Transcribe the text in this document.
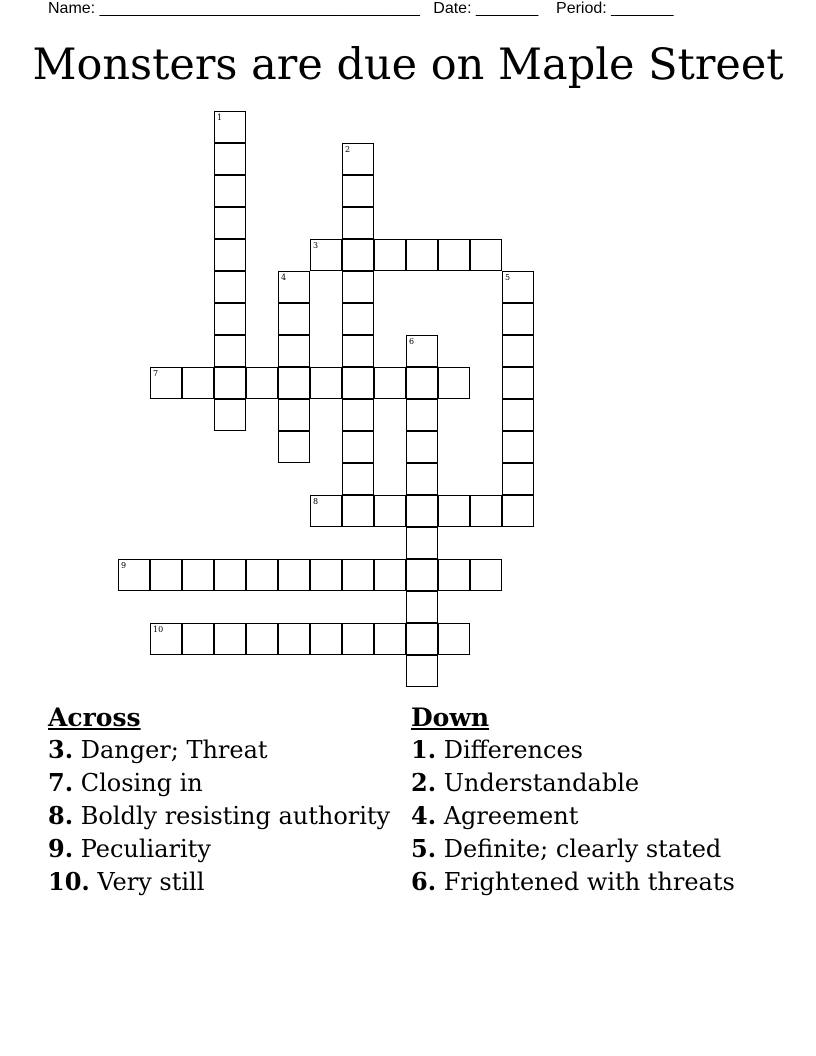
Name: ____________________________________ Date: _______ Period: _______
Monsters are due on Maple Street
1
2
3
4	5
6
7
8
9
10
Across
3. Danger; Threat
7. Closing in
8. Boldly resisting authority
9. Peculiarity
10. Very still
Down
1. Differences
2. Understandable
4. Agreement
5. Definite; clearly stated
6. Frightened with threats
